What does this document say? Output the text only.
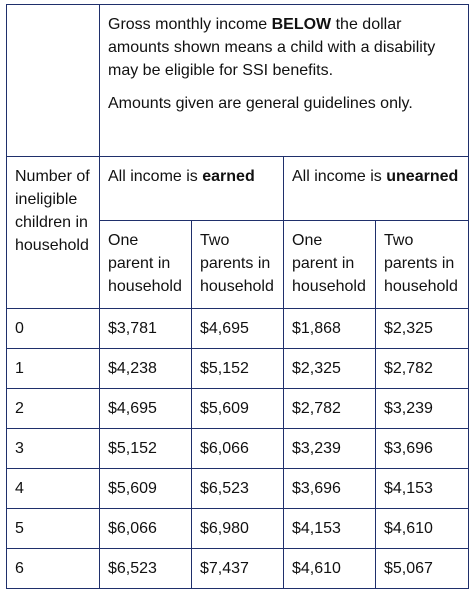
	Gross monthly income BELOW the dollar amounts shown means a child with a disability may be eligible for SSI benefits.

Amounts given are general guidelines only.			

Number of ineligible children in household	All income is earned		All income is unearned	
	One parent in household	Two parents in household	One parent in household	Two parents in household
0	$3,781	$4,695	$1,868	$2,325
1	$4,238	$5,152	$2,325	$2,782
2	$4,695	$5,609	$2,782	$3,239
3	$5,152	$6,066	$3,239	$3,696
4	$5,609	$6,523	$3,696	$4,153
5	$6,066	$6,980	$4,153	$4,610
6	$6,523	$7,437	$4,610	$5,067
